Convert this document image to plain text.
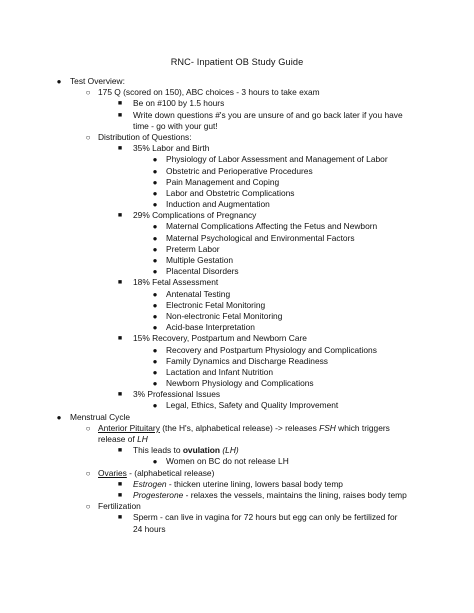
RNC- Inpatient OB Study Guide
●	Test Overview:
○ 175 Q (scored on 150), ABC choices - 3 hours to take exam
■	Be on #100 by 1.5 hours
■	Write down questions #'s you are unsure of and go back later if you have
time - go with your gut!
○ Distribution of Questions:
■	35% Labor and Birth
●	Physiology of Labor Assessment and Management of Labor
●	Obstetric and Perioperative Procedures
●	Pain Management and Coping
●	Labor and Obstetric Complications
●	Induction and Augmentation
■	29% Complications of Pregnancy
●	Maternal Complications Affecting the Fetus and Newborn
●	Maternal Psychological and Environmental Factors
●	Preterm Labor
●	Multiple Gestation
●	Placental Disorders
■	18% Fetal Assessment
●	Antenatal Testing
●	Electronic Fetal Monitoring
●	Non-electronic Fetal Monitoring
●	Acid-base Interpretation
■	15% Recovery, Postpartum and Newborn Care
●	Recovery and Postpartum Physiology and Complications
●	Family Dynamics and Discharge Readiness
●	Lactation and Infant Nutrition
●	Newborn Physiology and Complications
■	3% Professional Issues
●	Legal, Ethics, Safety and Quality Improvement
●	Menstrual Cycle
○ Anterior Pituitary (the H's, alphabetical release) -> releases FSH which triggers
release of LH
■	This leads to ovulation (LH)
●	Women on BC do not release LH
○ Ovaries - (alphabetical release)
■	Estrogen - thicken uterine lining, lowers basal body temp
■	Progesterone - relaxes the vessels, maintains the lining, raises body temp
○ Fertilization
■	Sperm - can live in vagina for 72 hours but egg can only be fertilized for
24 hours
